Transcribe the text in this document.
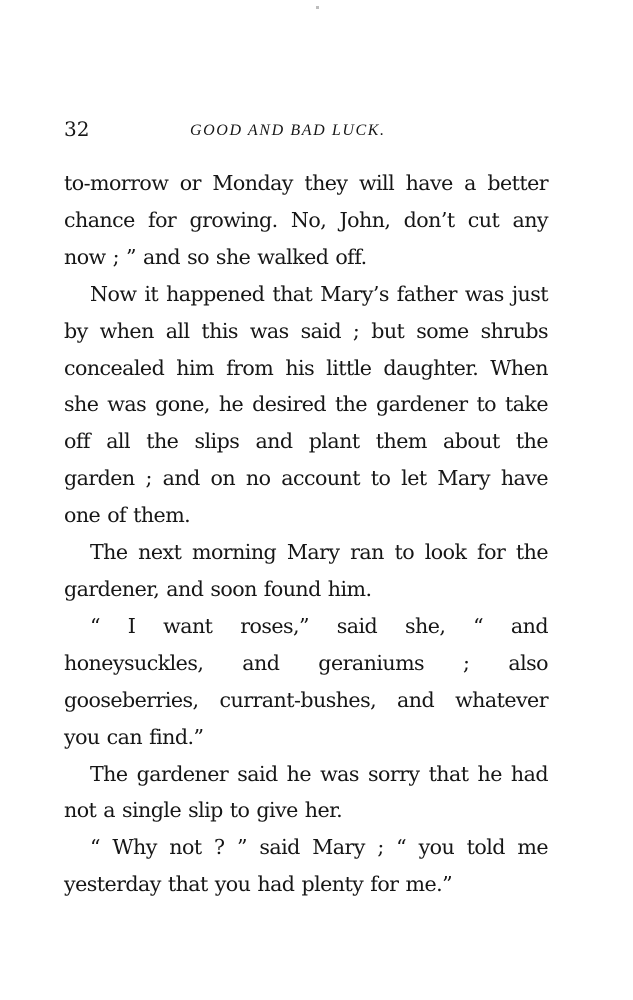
32	GOOD AND BAD LUCK.

to-morrow or Monday they will have a better chance for growing. No, John, don’t cut any now ; ” and so she walked off.

Now it happened that Mary’s father was just by when all this was said ; but some shrubs concealed him from his little daughter. When she was gone, he desired the gardener to take off all the slips and plant them about the garden ; and on no account to let Mary have one of them.

The next morning Mary ran to look for the gardener, and soon found him.

“ I want roses,” said she, “ and honeysuckles, and geraniums ; also gooseberries, currant-bushes, and whatever you can find.”

The gardener said he was sorry that he had not a single slip to give her.

“ Why not ? ” said Mary ; “ you told me yesterday that you had plenty for me.”
